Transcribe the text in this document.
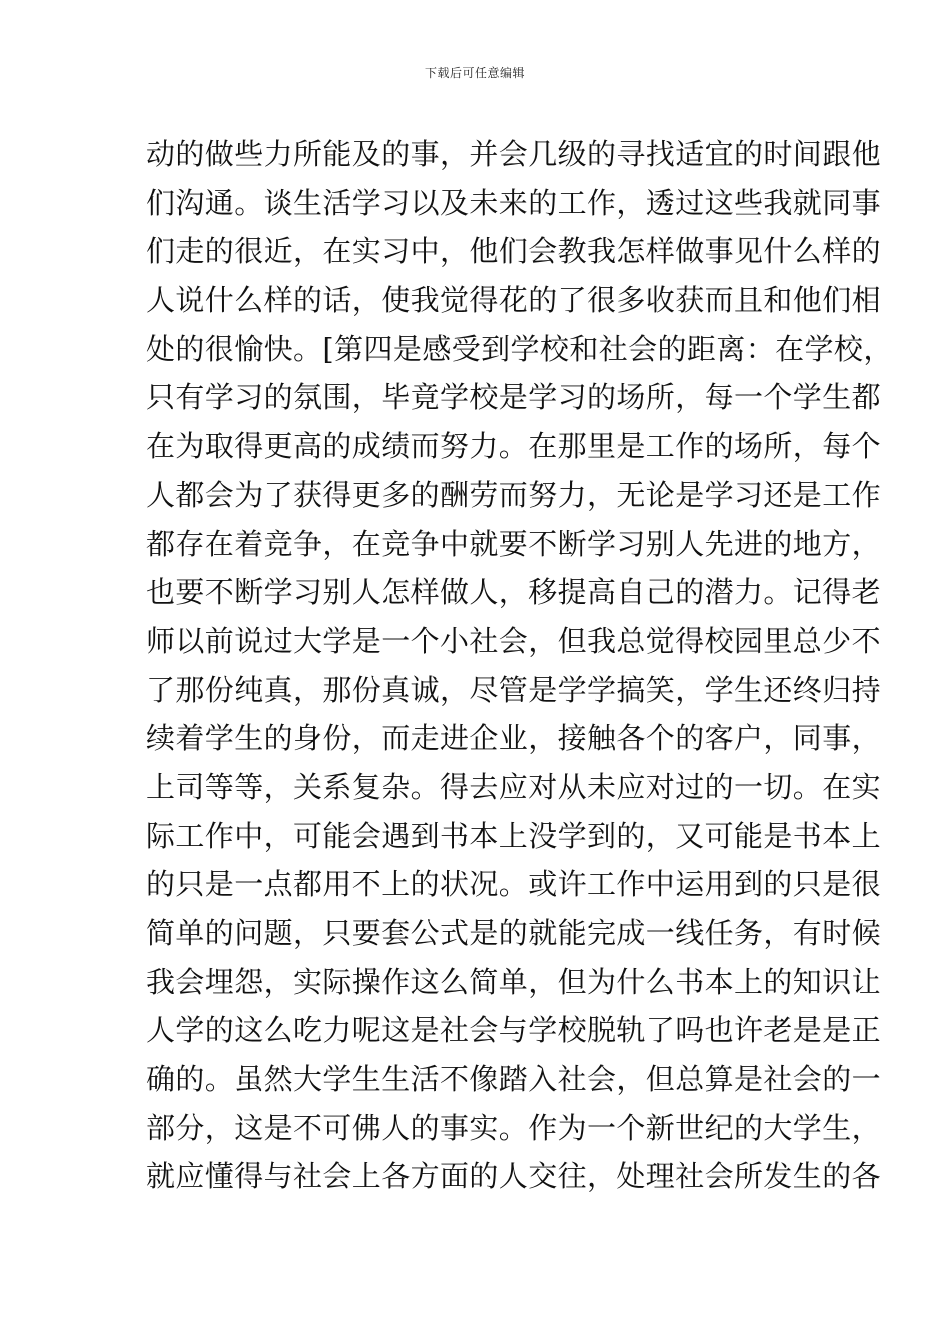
下载后可任意编辑
动的做些力所能及的事，并会几级的寻找适宜的时间跟他
们沟通。谈生活学习以及未来的工作，透过这些我就同事
们走的很近，在实习中，他们会教我怎样做事见什么样的
人说什么样的话，使我觉得花的了很多收获而且和他们相
处的很愉快。[第四是感受到学校和社会的距离：在学校，
只有学习的氛围，毕竟学校是学习的场所，每一个学生都
在为取得更高的成绩而努力。在那里是工作的场所，每个
人都会为了获得更多的酬劳而努力，无论是学习还是工作
都存在着竞争，在竞争中就要不断学习别人先进的地方，
也要不断学习别人怎样做人，移提高自己的潜力。记得老
师以前说过大学是一个小社会，但我总觉得校园里总少不
了那份纯真，那份真诚，尽管是学学搞笑，学生还终归持
续着学生的身份，而走进企业，接触各个的客户，同事，
上司等等，关系复杂。得去应对从未应对过的一切。在实
际工作中，可能会遇到书本上没学到的，又可能是书本上
的只是一点都用不上的状况。或许工作中运用到的只是很
简单的问题，只要套公式是的就能完成一线任务，有时候
我会埋怨，实际操作这么简单，但为什么书本上的知识让
人学的这么吃力呢这是社会与学校脱轨了吗也许老是是正
确的。虽然大学生生活不像踏入社会，但总算是社会的一
部分，这是不可佛人的事实。作为一个新世纪的大学生，
就应懂得与社会上各方面的人交往，处理社会所发生的各
